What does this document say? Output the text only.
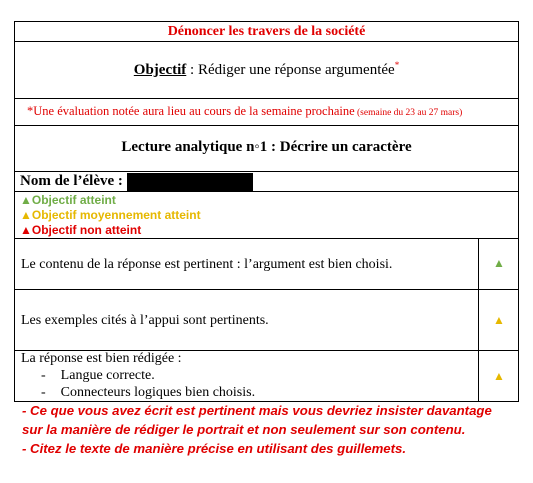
Dénoncer les travers de la société
Objectif : Rédiger une réponse argumentée*
*Une évaluation notée aura lieu au cours de la semaine prochaine (semaine du 23 au 27 mars)
Lecture analytique n◦1 : Décrire un caractère
Nom de l’élève :
▲Objectif atteint
▲Objectif moyennement atteint
▲Objectif non atteint
Le contenu de la réponse est pertinent : l’argument est bien choisi.	▲
Les exemples cités à l’appui sont pertinents.	▲
La réponse est bien rédigée :
- Langue correcte.
- Connecteurs logiques bien choisis.
▲
- Ce que vous avez écrit est pertinent mais vous devriez insister davantage
sur la manière de rédiger le portrait et non seulement sur son contenu.
- Citez le texte de manière précise en utilisant des guillemets.
